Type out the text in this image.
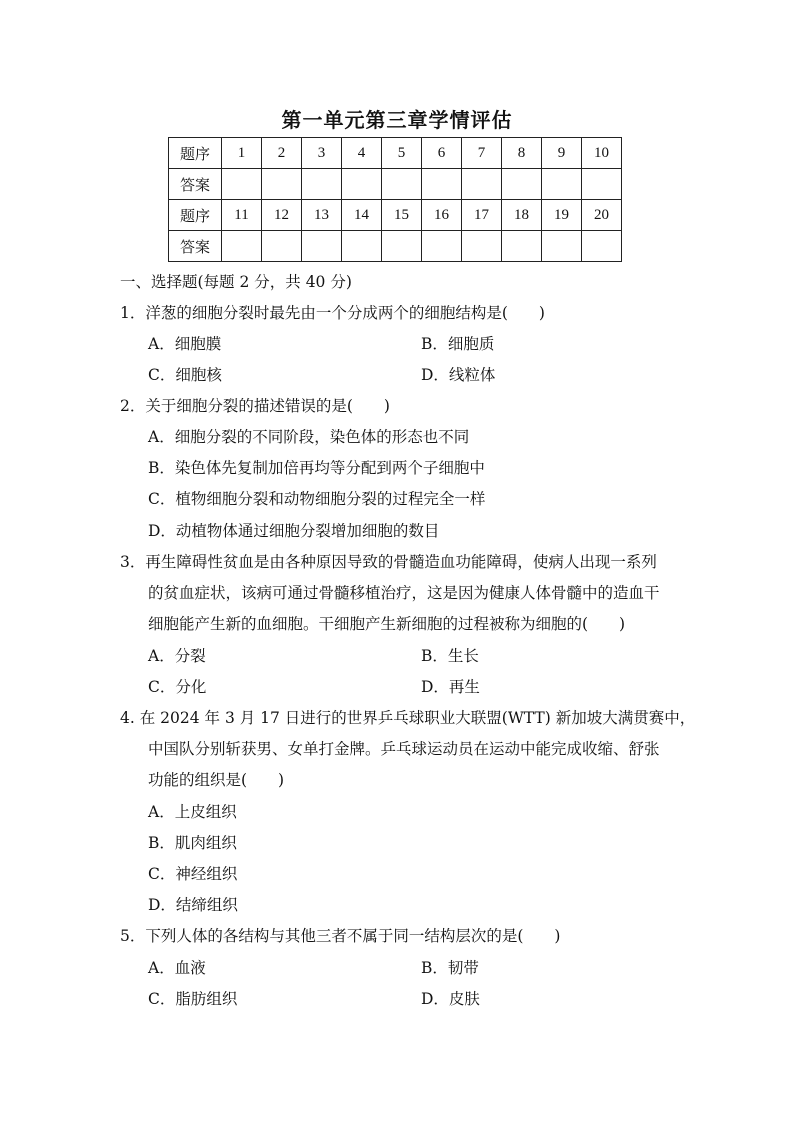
第一单元第三章学情评估
题序	1	2	3	4	5	6	7	8	9	10
答案										
题序	11	12	13	14	15	16	17	18	19	20
答案										
一、选择题(每题 2 分，共 40 分)
1．洋葱的细胞分裂时最先由一个分成两个的细胞结构是(　　)
A．细胞膜	B．细胞质
C．细胞核	D．线粒体
2．关于细胞分裂的描述错误的是(　　)
A．细胞分裂的不同阶段，染色体的形态也不同
B．染色体先复制加倍再均等分配到两个子细胞中
C．植物细胞分裂和动物细胞分裂的过程完全一样
D．动植物体通过细胞分裂增加细胞的数目
3．再生障碍性贫血是由各种原因导致的骨髓造血功能障碍，使病人出现一系列
的贫血症状，该病可通过骨髓移植治疗，这是因为健康人体骨髓中的造血干
细胞能产生新的血细胞。干细胞产生新细胞的过程被称为细胞的(　　)
A．分裂	B．生长
C．分化	D．再生
4. 在 2024 年 3 月 17 日进行的世界乒乓球职业大联盟(WTT) 新加坡大满贯赛中，
中国队分别斩获男、女单打金牌。乒乓球运动员在运动中能完成收缩、舒张
功能的组织是(　　)
A．上皮组织
B．肌肉组织
C．神经组织
D．结缔组织
5．下列人体的各结构与其他三者不属于同一结构层次的是(　　)
A．血液	B．韧带
C．脂肪组织	D．皮肤
